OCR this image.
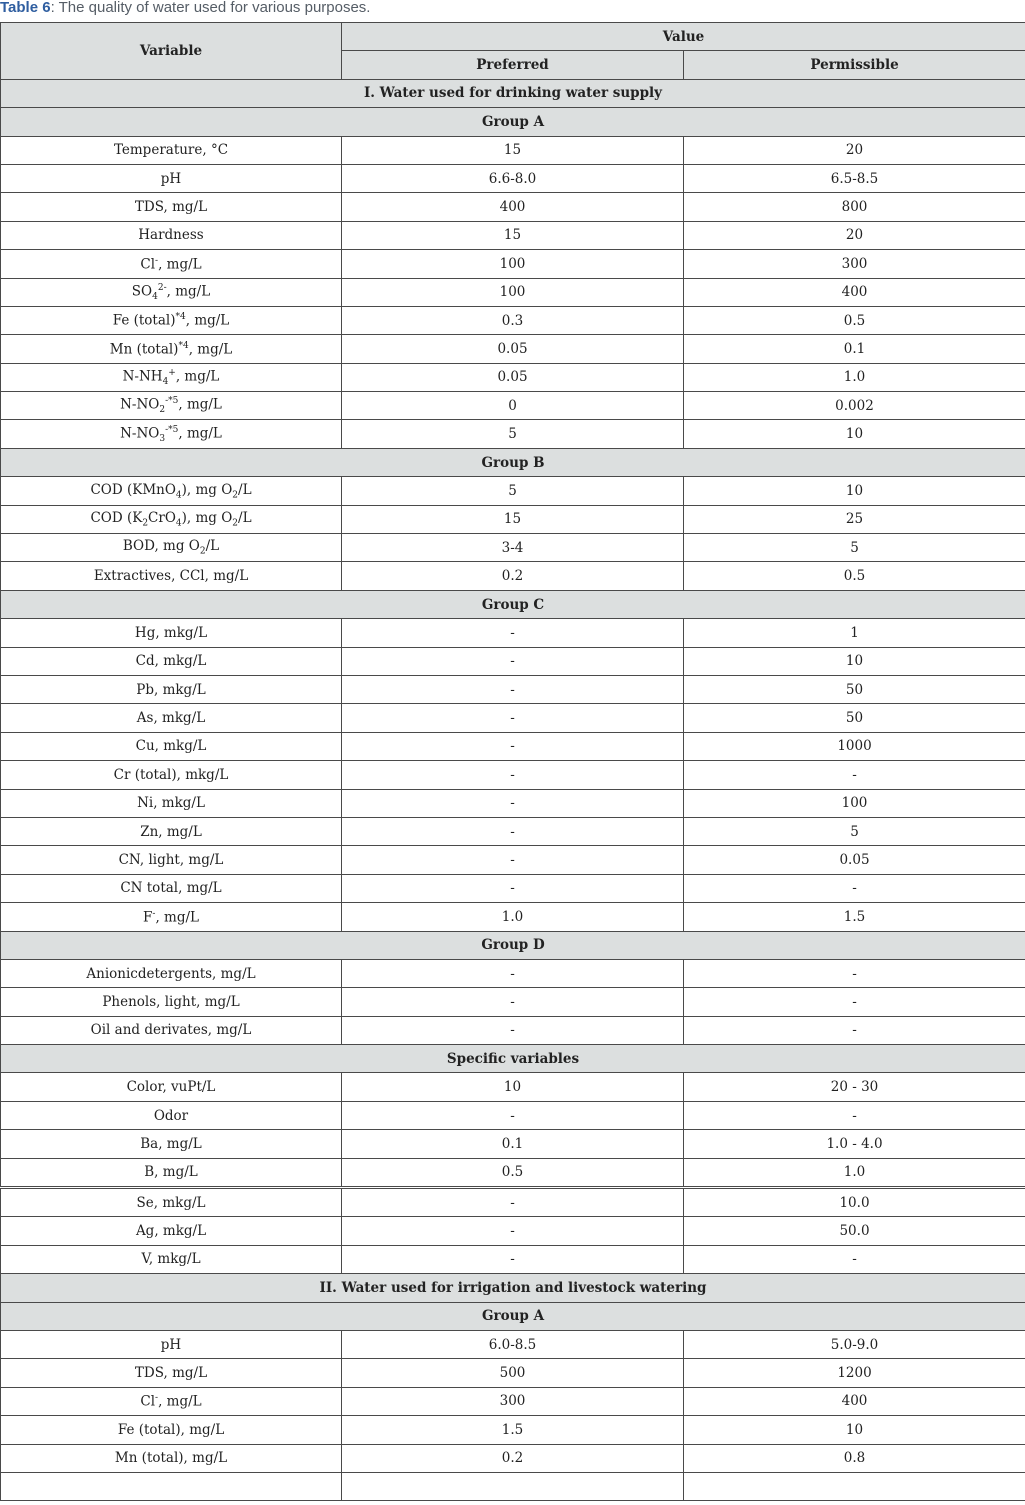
Table 6: The quality of water used for various purposes.
Variable	Value	
	Preferred	Permissible
I. Water used for drinking water supply		
Group A		
Temperature, °C	15	20
pH	6.6-8.0	6.5-8.5
TDS, mg/L	400	800
Hardness	15	20
Cl-, mg/L	100	300
$SO_4^{2-}$, mg/L	100	400
Fe (total)$^{*4}$, mg/L	0.3	0.5
Mn (total)$^{*4}$, mg/L	0.05	0.1
$N-NH_4^+$, mg/L	0.05	1.0
$N-NO_2^{-*5}$, mg/L	0	0.002
$N-NO_3^{-*5}$, mg/L	5	10
Group B		
COD (KMnO$_4$), mg $O_2/L$	5	10
COD $(K_2CrO_4)$, mg $O_2/L$	15	25
BOD, mg $O_2/L$	3-4	5
Extractives, CCl, mg/L	0.2	0.5
Group C		
Hg, mkg/L	-	1
Cd, mkg/L	-	10
Pb, mkg/L	-	50
As, mkg/L	-	50
Cu, mkg/L	-	1000
Cr (total), mkg/L	-	-
Ni, mkg/L	-	100
Zn, mg/L	-	5
CN, light, mg/L	-	0.05
CN total, mg/L	-	-
F-, mg/L	1.0	1.5
Group D		
Anionicdetergents, mg/L	-	-
Phenols, light, mg/L	-	-
Oil and derivates, mg/L	-	-
Specific variables		
Color, vuPt/L	10	20 - 30
Odor	-	-
Ba, mg/L	0.1	1.0 - 4.0
B, mg/L	0.5	1.0
Se, mkg/L	-	10.0
Ag, mkg/L	-	50.0
V, mkg/L	-	-
II. Water used for irrigation and livestock watering		
Group A		
pH	6.0-8.5	5.0-9.0
TDS, mg/L	500	1200
Cl-, mg/L	300	400
Fe (total), mg/L	1.5	10
Mn (total), mg/L	0.2	0.8
